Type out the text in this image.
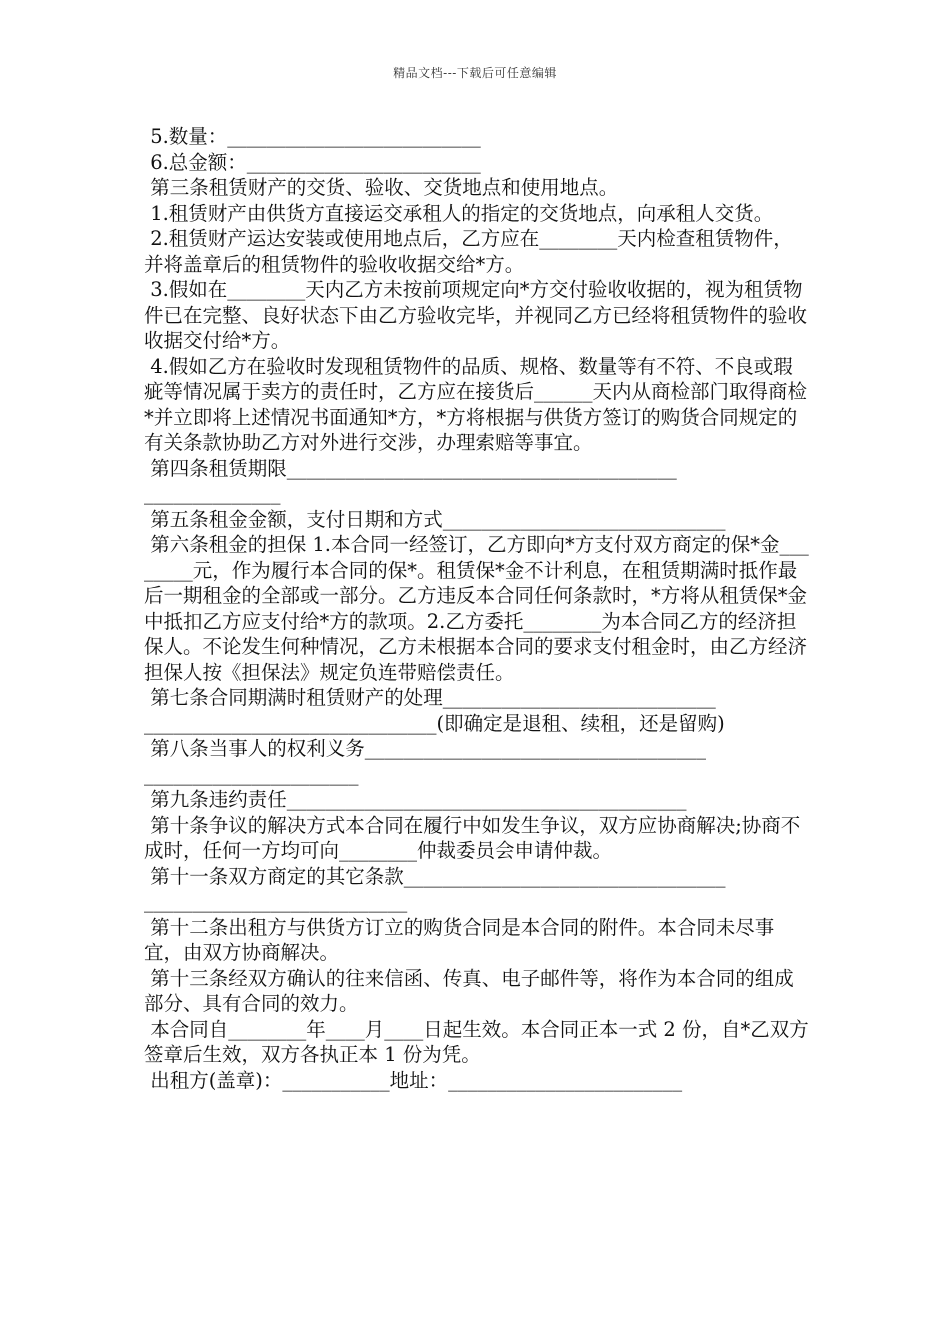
精品文档---下载后可任意编辑

5.数量：__________________________

6.总金额：________________________

第三条租赁财产的交货、验收、交货地点和使用地点。

1.租赁财产由供货方直接运交承租人的指定的交货地点，向承租人交货。

2.租赁财产运达安装或使用地点后，乙方应在________天内检查租赁物件，并将盖章后的租赁物件的验收收据交给*方。

3.假如在________天内乙方未按前项规定向*方交付验收收据的，视为租赁物件已在完整、良好状态下由乙方验收完毕，并视同乙方已经将租赁物件的验收收据交付给*方。

4.假如乙方在验收时发现租赁物件的品质、规格、数量等有不符、不良或瑕疵等情况属于卖方的责任时，乙方应在接货后______天内从商检部门取得商检*并立即将上述情况书面通知*方，*方将根据与供货方签订的购货合同规定的有关条款协助乙方对外进行交涉，办理索赔等事宜。

第四条租赁期限________________________________________

______________

第五条租金金额，支付日期和方式_____________________________

第六条租金的担保 1.本合同一经签订，乙方即向*方支付双方商定的保*金________元，作为履行本合同的保*。租赁保*金不计利息，在租赁期满时抵作最后一期租金的全部或一部分。乙方违反本合同任何条款时，*方将从租赁保*金中抵扣乙方应支付给*方的款项。2.乙方委托________为本合同乙方的经济担保人。不论发生何种情况，乙方未根据本合同的要求支付租金时，由乙方经济担保人按《担保法》规定负连带赔偿责任。

第七条合同期满时租赁财产的处理____________________________

______________________________(即确定是退租、续租，还是留购)

第八条当事人的权利义务___________________________________

______________________

第九条违约责任_________________________________________

第十条争议的解决方式本合同在履行中如发生争议，双方应协商解决;协商不成时，任何一方均可向________仲裁委员会申请仲裁。

第十一条双方商定的其它条款_________________________________

___________________________

第十二条出租方与供货方订立的购货合同是本合同的附件。本合同未尽事宜，由双方协商解决。

第十三条经双方确认的往来信函、传真、电子邮件等，将作为本合同的组成部分、具有合同的效力。

本合同自________年____月____日起生效。本合同正本一式 2 份，自*乙双方签章后生效，双方各执正本 1 份为凭。

出租方(盖章)：___________地址：________________________
